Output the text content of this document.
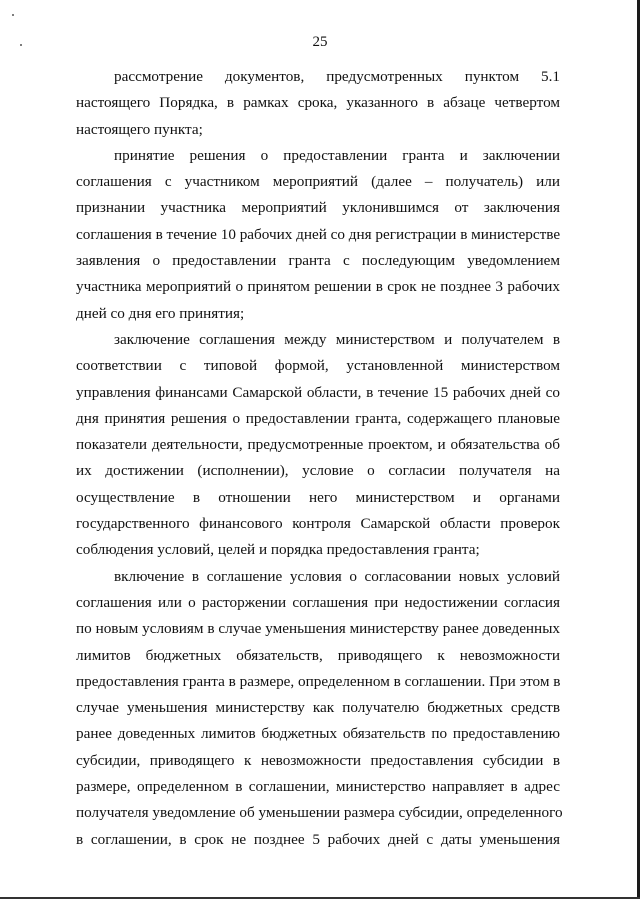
25

рассмотрение документов, предусмотренных пунктом 5.1
настоящего Порядка, в рамках срока, указанного в абзаце четвертом
настоящего пункта;

принятие решения о предоставлении гранта и заключении
соглашения с участником мероприятий (далее – получатель) или
признании участника мероприятий уклонившимся от заключения
соглашения в течение 10 рабочих дней со дня регистрации в министерстве
заявления о предоставлении гранта с последующим уведомлением
участника мероприятий о принятом решении в срок не позднее 3 рабочих
дней со дня его принятия;

заключение соглашения между министерством и получателем в
соответствии с типовой формой, установленной министерством
управления финансами Самарской области, в течение 15 рабочих дней со
дня принятия решения о предоставлении гранта, содержащего плановые
показатели деятельности, предусмотренные проектом, и обязательства об
их достижении (исполнении), условие о согласии получателя на
осуществление в отношении него министерством и органами
государственного финансового контроля Самарской области проверок
соблюдения условий, целей и порядка предоставления гранта;

включение в соглашение условия о согласовании новых условий
соглашения или о расторжении соглашения при недостижении согласия
по новым условиям в случае уменьшения министерству ранее доведенных
лимитов бюджетных обязательств, приводящего к невозможности
предоставления гранта в размере, определенном в соглашении. При этом в
случае уменьшения министерству как получателю бюджетных средств
ранее доведенных лимитов бюджетных обязательств по предоставлению
субсидии, приводящего к невозможности предоставления субсидии в
размере, определенном в соглашении, министерство направляет в адрес
получателя уведомление об уменьшении размера субсидии, определенного
в соглашении, в срок не позднее 5 рабочих дней с даты уменьшения
